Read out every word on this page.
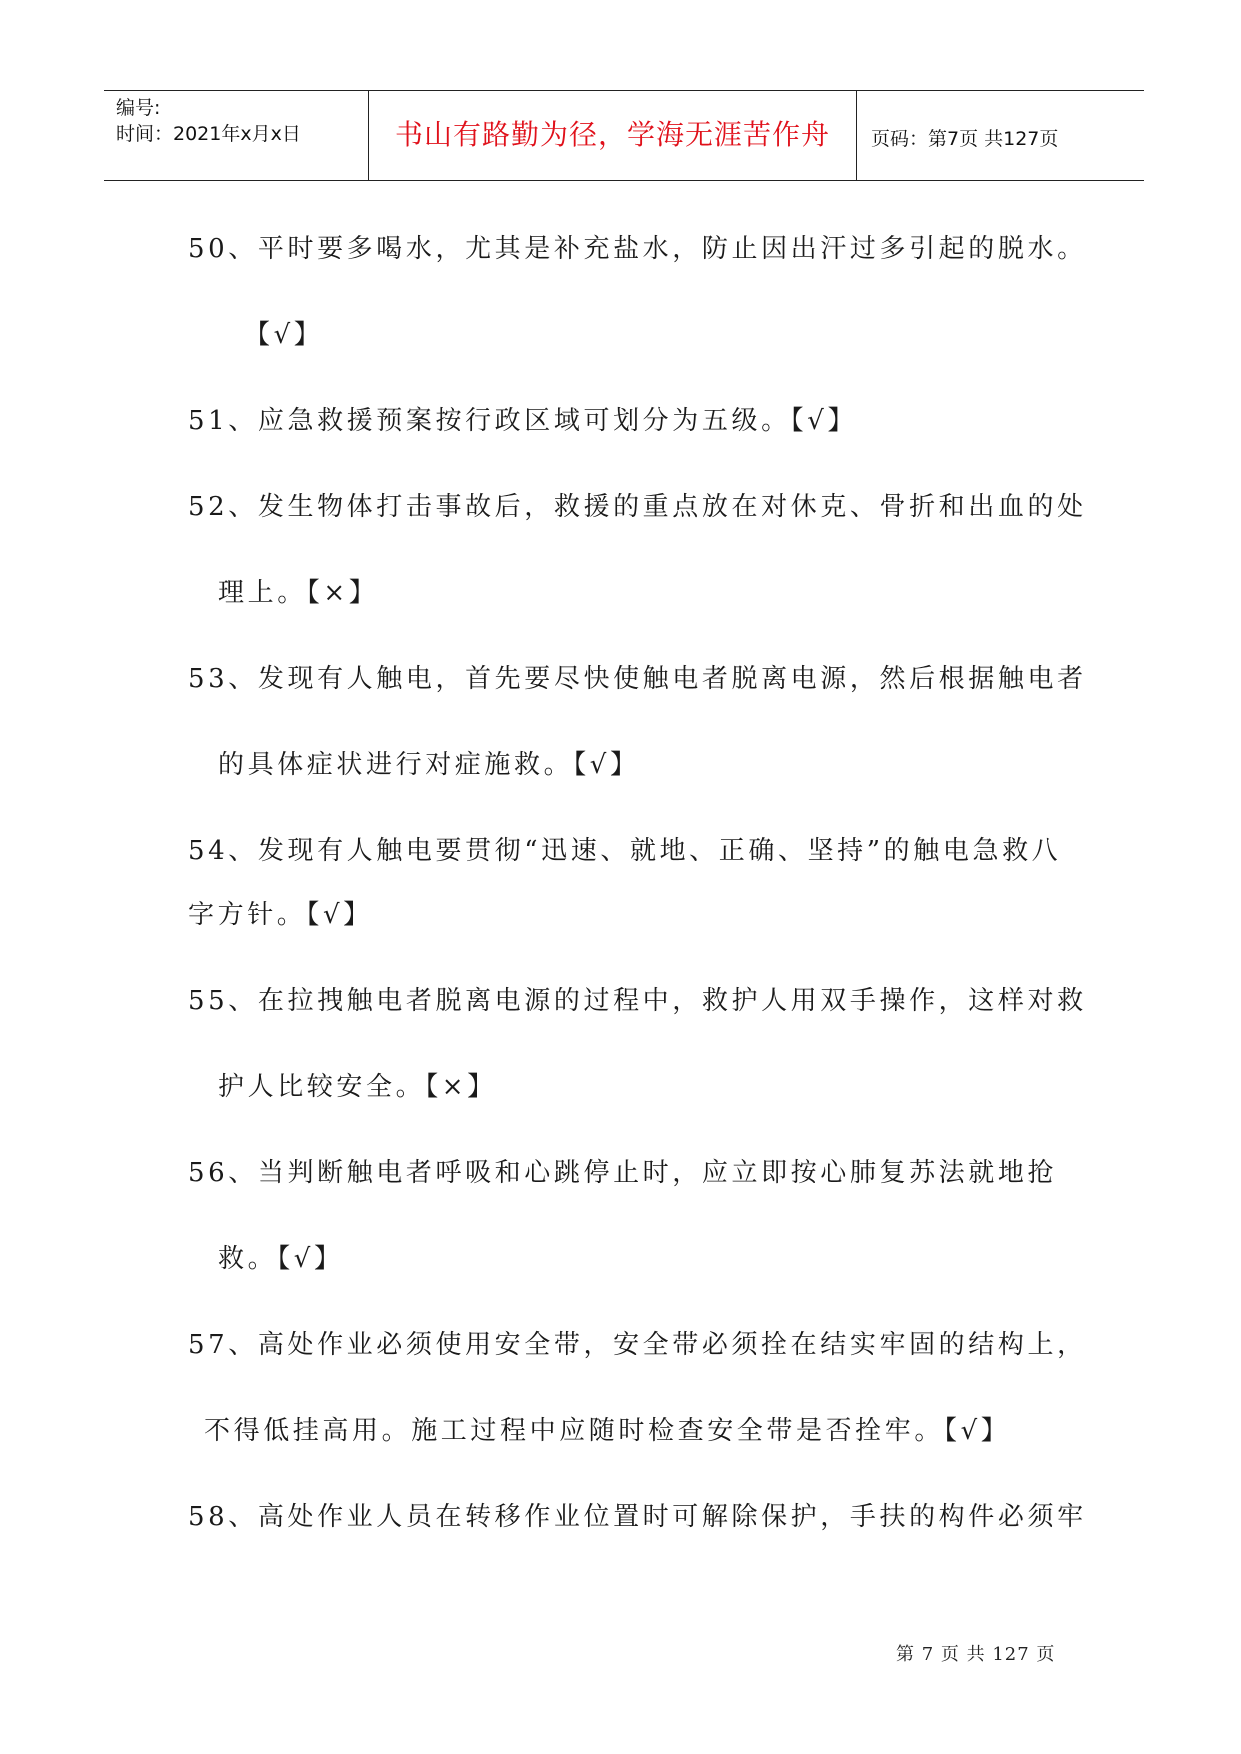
编号:
时间：2021年x月x日	书山有路勤为径，学海无涯苦作舟	页码：第7页 共127页
50、平时要多喝水，尤其是补充盐水，防止因出汗过多引起的脱水。
【√】
51、应急救援预案按行政区域可划分为五级。【√】
52、发生物体打击事故后，救援的重点放在对休克、骨折和出血的处
理上。【×】
53、发现有人触电，首先要尽快使触电者脱离电源，然后根据触电者
的具体症状进行对症施救。【√】
54、发现有人触电要贯彻“迅速、就地、正确、坚持”的触电急救八
字方针。【√】
55、在拉拽触电者脱离电源的过程中，救护人用双手操作，这样对救
护人比较安全。【×】
56、当判断触电者呼吸和心跳停止时，应立即按心肺复苏法就地抢
救。【√】
57、高处作业必须使用安全带，安全带必须拴在结实牢固的结构上，
不得低挂高用。施工过程中应随时检查安全带是否拴牢。【√】
58、高处作业人员在转移作业位置时可解除保护，手扶的构件必须牢
第 7 页 共 127 页
